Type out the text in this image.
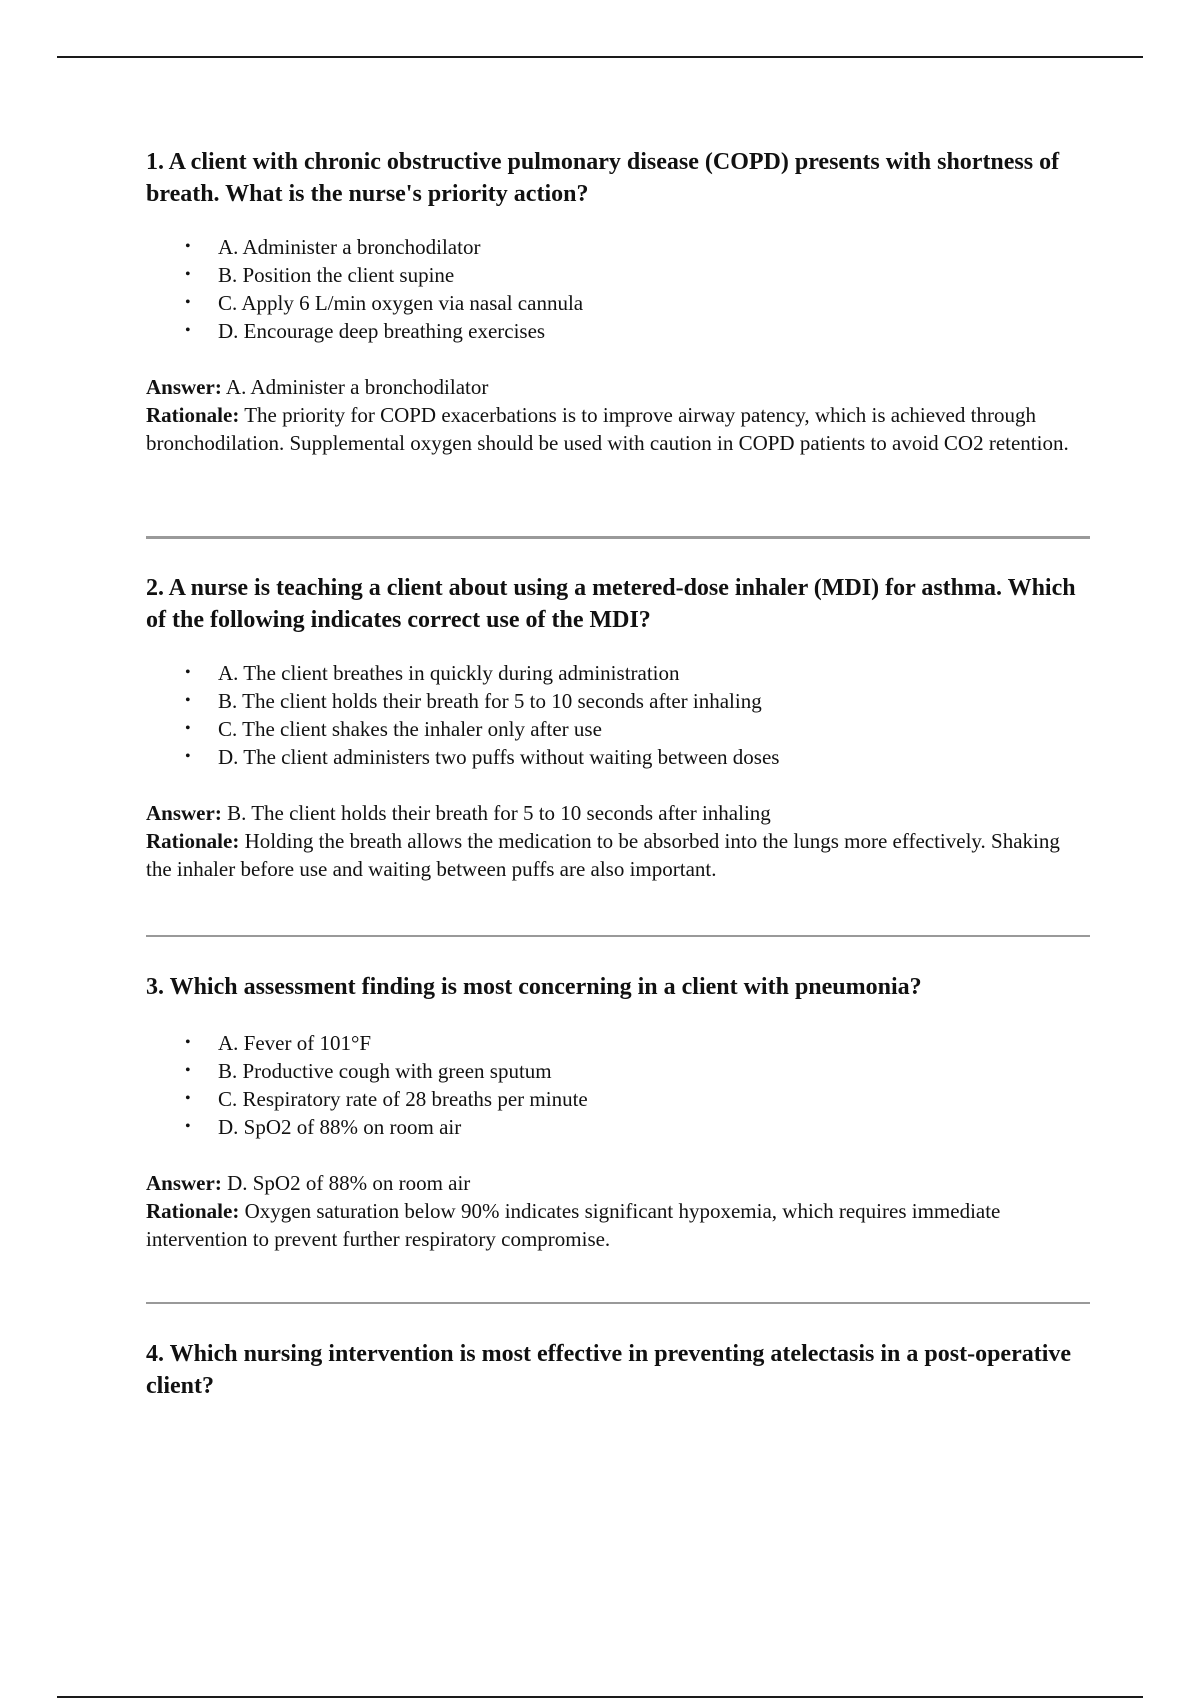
1. A client with chronic obstructive pulmonary disease (COPD) presents with shortness of breath. What is the nurse's priority action?
• A. Administer a bronchodilator
• B. Position the client supine
• C. Apply 6 L/min oxygen via nasal cannula
• D. Encourage deep breathing exercises

Answer: A. Administer a bronchodilator

Rationale: The priority for COPD exacerbations is to improve airway patency, which is achieved through bronchodilation. Supplemental oxygen should be used with caution in COPD patients to avoid CO2 retention.

2. A nurse is teaching a client about using a metered-dose inhaler (MDI) for asthma. Which of the following indicates correct use of the MDI?
• A. The client breathes in quickly during administration
• B. The client holds their breath for 5 to 10 seconds after inhaling
• C. The client shakes the inhaler only after use
• D. The client administers two puffs without waiting between doses

Answer: B. The client holds their breath for 5 to 10 seconds after inhaling

Rationale: Holding the breath allows the medication to be absorbed into the lungs more effectively. Shaking the inhaler before use and waiting between puffs are also important.

3. Which assessment finding is most concerning in a client with pneumonia?
• A. Fever of 101°F
• B. Productive cough with green sputum
• C. Respiratory rate of 28 breaths per minute
• D. SpO2 of 88% on room air

Answer: D. SpO2 of 88% on room air

Rationale: Oxygen saturation below 90% indicates significant hypoxemia, which requires immediate intervention to prevent further respiratory compromise.

4. Which nursing intervention is most effective in preventing atelectasis in a post-operative client?
